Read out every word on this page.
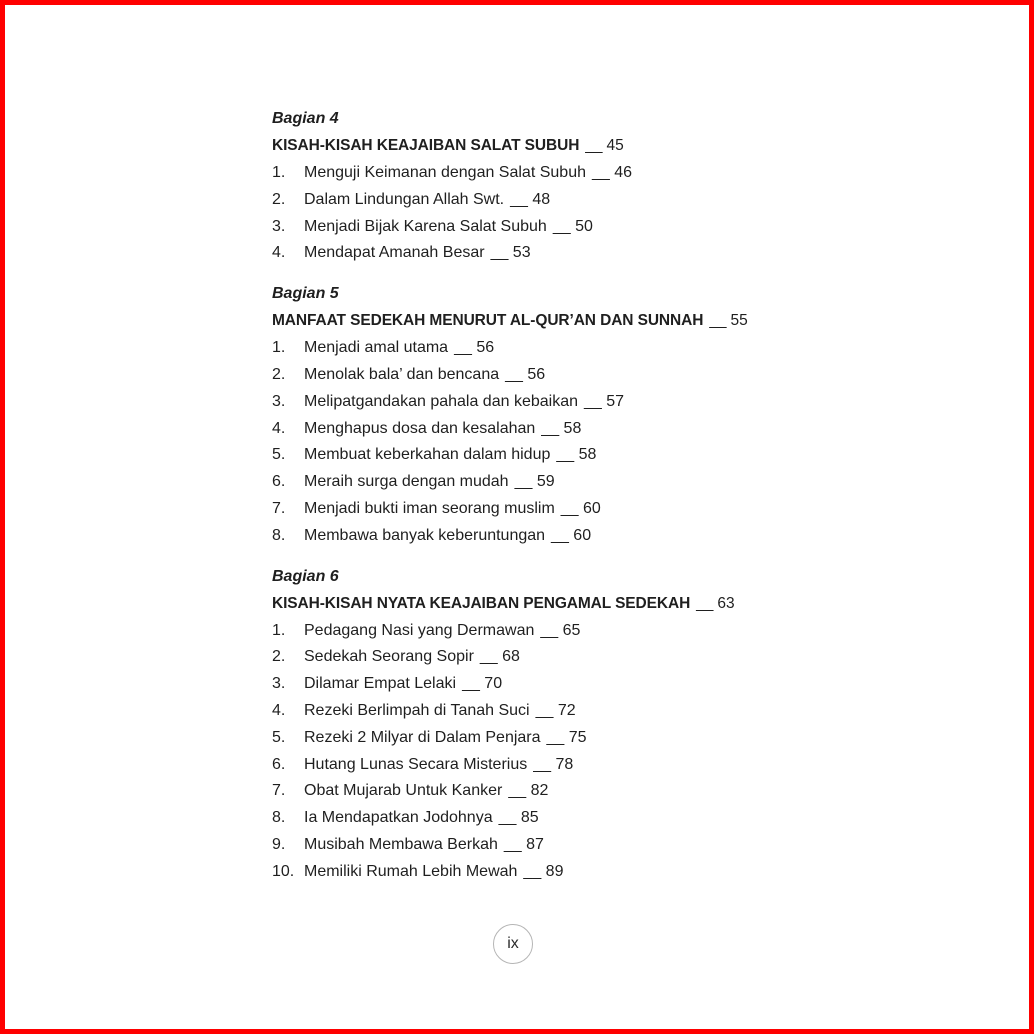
Bagian 4
KISAH-KISAH KEAJAIBAN SALAT SUBUH __ 45
1.	Menguji Keimanan dengan Salat Subuh __ 46
2.	Dalam Lindungan Allah Swt. __ 48
3.	Menjadi Bijak Karena Salat Subuh __ 50
4.	Mendapat Amanah Besar __ 53
Bagian 5
MANFAAT SEDEKAH MENURUT AL-QUR’AN DAN SUNNAH __ 55
1.	Menjadi amal utama __ 56
2.	Menolak bala’ dan bencana __ 56
3.	Melipatgandakan pahala dan kebaikan __ 57
4.	Menghapus dosa dan kesalahan __ 58
5.	Membuat keberkahan dalam hidup __ 58
6.	Meraih surga dengan mudah __ 59
7.	Menjadi bukti iman seorang muslim __ 60
8.	Membawa banyak keberuntungan __ 60
Bagian 6
KISAH-KISAH NYATA KEAJAIBAN PENGAMAL SEDEKAH __ 63
1.	Pedagang Nasi yang Dermawan __ 65
2.	Sedekah Seorang Sopir __ 68
3.	Dilamar Empat Lelaki __ 70
4.	Rezeki Berlimpah di Tanah Suci __ 72
5.	Rezeki 2 Milyar di Dalam Penjara __ 75
6.	Hutang Lunas Secara Misterius __ 78
7.	Obat Mujarab Untuk Kanker __ 82
8.	Ia Mendapatkan Jodohnya __ 85
9.	Musibah Membawa Berkah __ 87
10. Memiliki Rumah Lebih Mewah __ 89
ix
